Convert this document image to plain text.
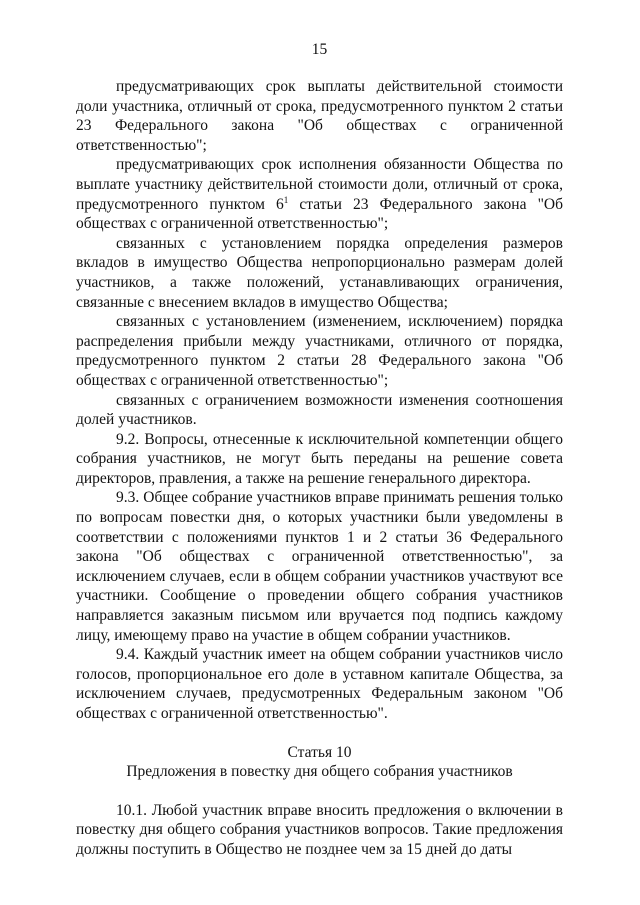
15

предусматривающих срок выплаты действительной стоимости доли участника, отличный от срока, предусмотренного пунктом 2 статьи 23 Федерального закона "Об обществах с ограниченной ответственностью";

предусматривающих срок исполнения обязанности Общества по выплате участнику действительной стоимости доли, отличный от срока, предусмотренного пунктом $6^1$ статьи 23 Федерального закона "Об обществах с ограниченной ответственностью";

связанных с установлением порядка определения размеров вкладов в имущество Общества непропорционально размерам долей участников, а также положений, устанавливающих ограничения, связанные с внесением вкладов в имущество Общества;

связанных с установлением (изменением, исключением) порядка распределения прибыли между участниками, отличного от порядка, предусмотренного пунктом 2 статьи 28 Федерального закона "Об обществах с ограниченной ответственностью";

связанных с ограничением возможности изменения соотношения долей участников.

9.2. Вопросы, отнесенные к исключительной компетенции общего собрания участников, не могут быть переданы на решение совета директоров, правления, а также на решение генерального директора.

9.3. Общее собрание участников вправе принимать решения только по вопросам повестки дня, о которых участники были уведомлены в соответствии с положениями пунктов 1 и 2 статьи 36 Федерального закона "Об обществах с ограниченной ответственностью", за исключением случаев, если в общем собрании участников участвуют все участники. Сообщение о проведении общего собрания участников направляется заказным письмом или вручается под подпись каждому лицу, имеющему право на участие в общем собрании участников.

9.4. Каждый участник имеет на общем собрании участников число голосов, пропорциональное его доле в уставном капитале Общества, за исключением случаев, предусмотренных Федеральным законом "Об обществах с ограниченной ответственностью".

Статья 10
Предложения в повестку дня общего собрания участников

10.1. Любой участник вправе вносить предложения о включении в повестку дня общего собрания участников вопросов. Такие предложения должны поступить в Общество не позднее чем за 15 дней до даты
